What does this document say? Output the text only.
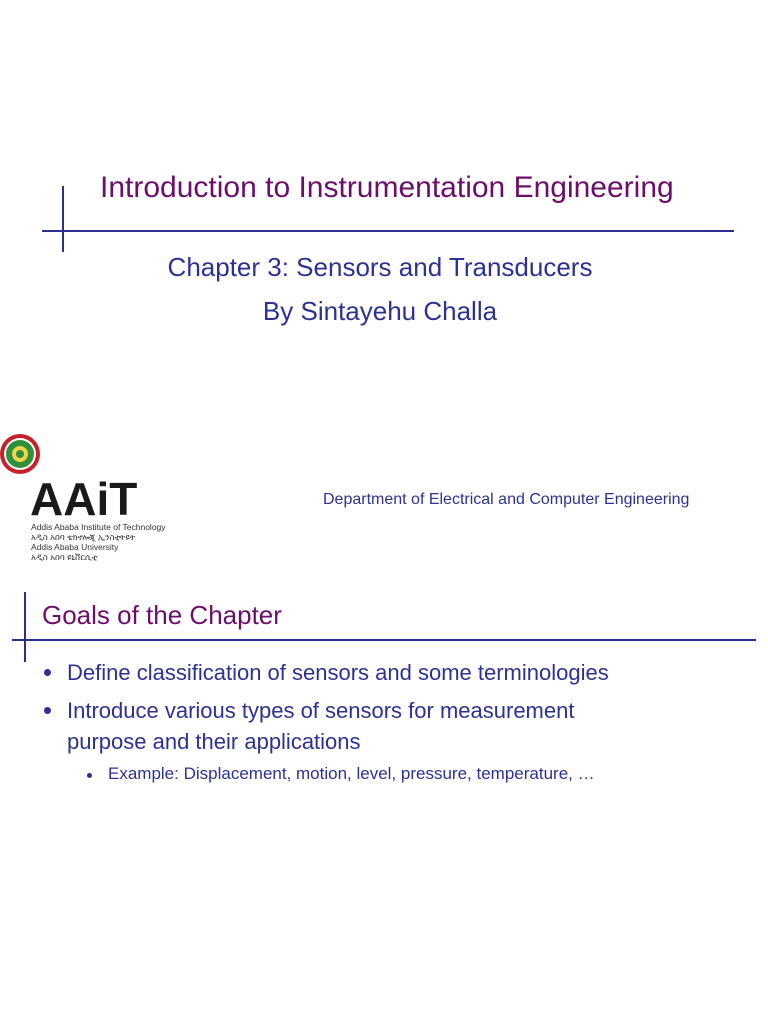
Introduction to Instrumentation Engineering
Chapter 3: Sensors and Transducers
By Sintayehu Challa
AAiT
Addis Ababa Institute of Technology
አዲስ አበባ ቴክኖሎጂ ኢንስቲትዩት
Addis Ababa University
አዲስ አበባ ዩኒቨርሲቲ
Department of Electrical and Computer Engineering
Goals of the Chapter
Define classification of sensors and some terminologies
Introduce various types of sensors for measurement
purpose and their applications
Example: Displacement, motion, level, pressure, temperature, …
